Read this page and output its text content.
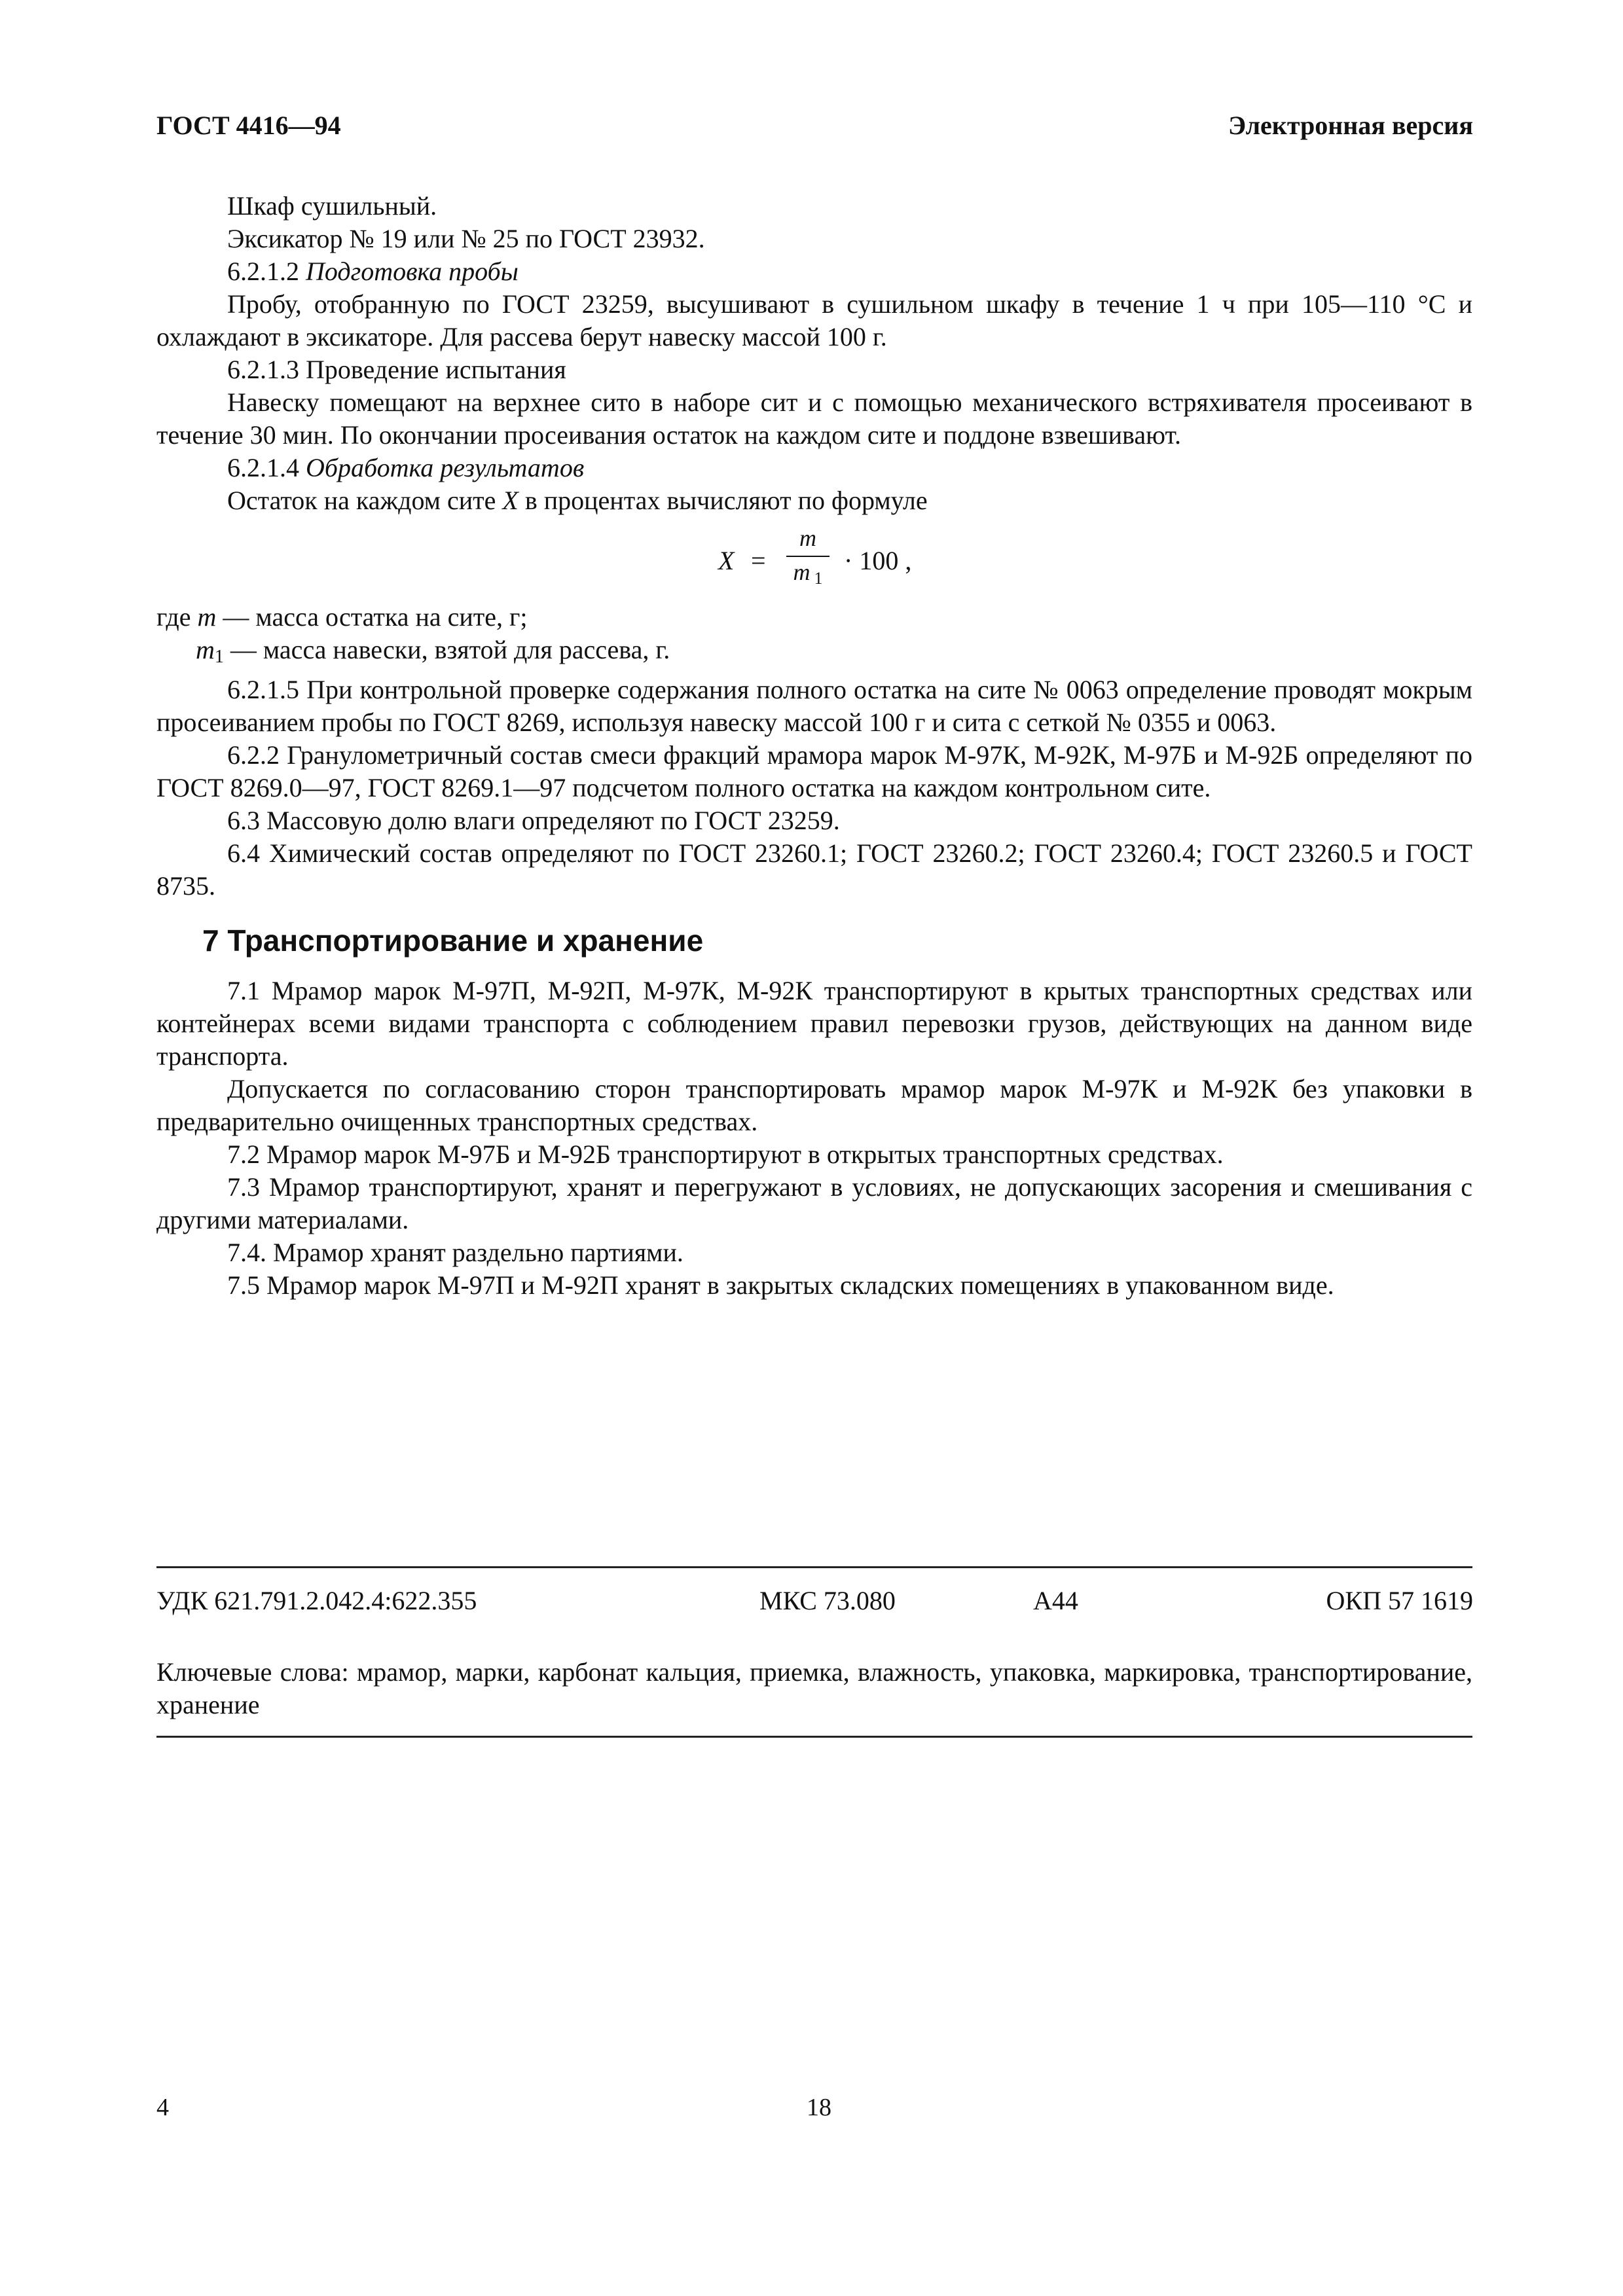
ГОСТ 4416—94	Электронная версия

Шкаф сушильный.

Эксикатор № 19 или № 25 по ГОСТ 23932.

6.2.1.2 Подготовка пробы

Пробу, отобранную по ГОСТ 23259, высушивают в сушильном шкафу в течение 1 ч при 105—110 °С и охлаждают в эксикаторе. Для рассева берут навеску массой 100 г.

6.2.1.3 Проведение испытания

Навеску помещают на верхнее сито в наборе сит и с помощью механического встряхивателя просеивают в течение 30 мин. По окончании просеивания остаток на каждом сите и поддоне взвешивают.

6.2.1.4 Обработка результатов

Остаток на каждом сите X в процентах вычисляют по формуле

X =
m
m $_1$
· 100 ,

где m — масса остатка на сите, г;

$m_1$ — масса навески, взятой для рассева, г.

6.2.1.5 При контрольной проверке содержания полного остатка на сите № 0063 определение проводят мокрым просеиванием пробы по ГОСТ 8269, используя навеску массой 100 г и сита с сеткой № 0355 и 0063.

6.2.2 Гранулометричный состав смеси фракций мрамора марок М-97К, М-92К, М-97Б и М-92Б определяют по ГОСТ 8269.0—97, ГОСТ 8269.1—97 подсчетом полного остатка на каждом контрольном сите.

6.3 Массовую долю влаги определяют по ГОСТ 23259.

6.4 Химический состав определяют по ГОСТ 23260.1; ГОСТ 23260.2; ГОСТ 23260.4; ГОСТ 23260.5 и ГОСТ 8735.

7 Транспортирование и хранение

7.1 Мрамор марок М-97П, М-92П, М-97К, М-92К транспортируют в крытых транспортных средствах или контейнерах всеми видами транспорта с соблюдением правил перевозки грузов, действующих на данном виде транспорта.

Допускается по согласованию сторон транспортировать мрамор марок М-97К и М-92К без упаковки в предварительно очищенных транспортных средствах.

7.2 Мрамор марок М-97Б и М-92Б транспортируют в открытых транспортных средствах.

7.3 Мрамор транспортируют, хранят и перегружают в условиях, не допускающих засорения и смешивания с другими материалами.

7.4. Мрамор хранят раздельно партиями.

7.5 Мрамор марок М-97П и М-92П хранят в закрытых складских помещениях в упакованном виде.

УДК 621.791.2.042.4:622.355	МКС 73.080	А44	ОКП 57 1619
Ключевые слова: мрамор, марки, карбонат кальция, приемка, влажность, упаковка, маркировка, транспортирование, хранение
4	18
